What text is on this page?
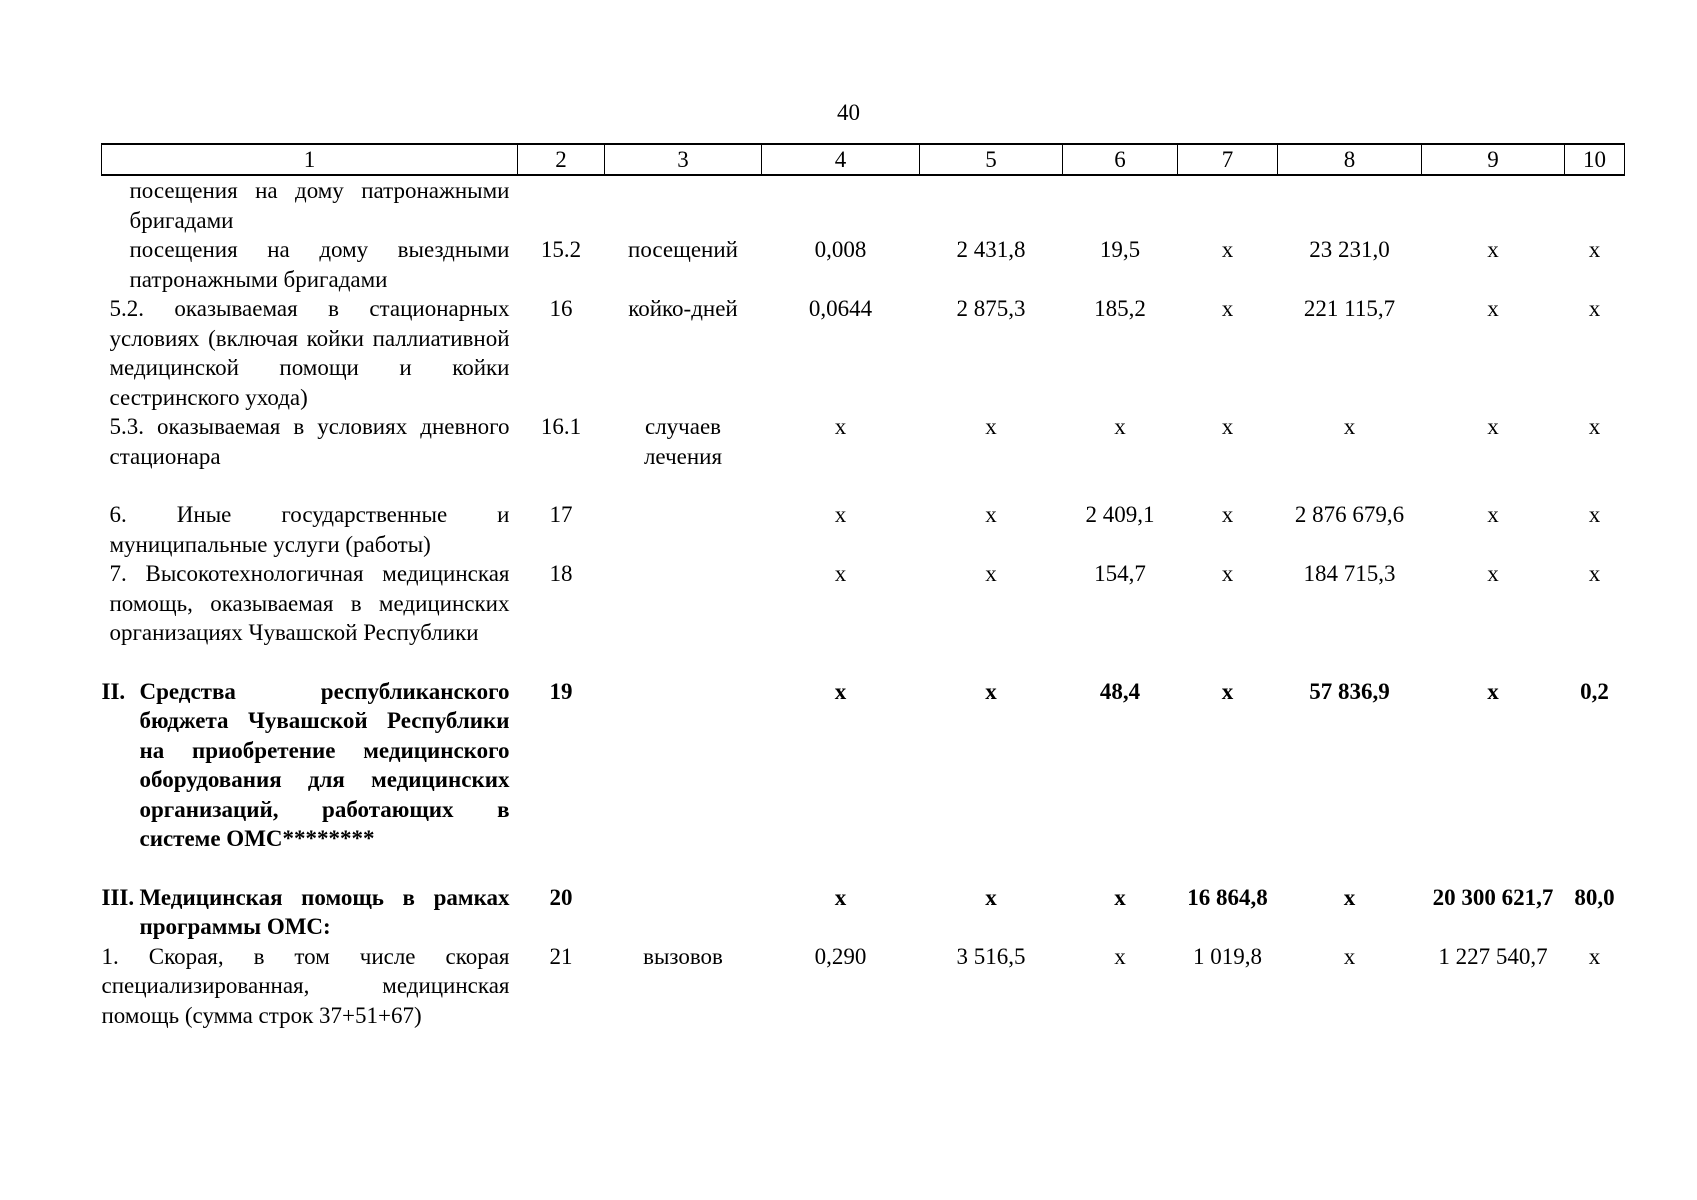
40
1	2	3	4	5	6	7	8	9	10
посещения на дому патронажными бригадами									
посещения на дому выездными патронажными бригадами	15.2	посещений	0,008	2 431,8	19,5	х	23 231,0	х	х
5.2. оказываемая в стационарных условиях (включая койки паллиативной медицинской помощи и койки сестринского ухода)	16	койко-дней	0,0644	2 875,3	185,2	х	221 115,7	х	х
5.3. оказываемая в условиях дневного стационара	16.1	случаев лечения	х	х	х	х	х	х	х

6. Иные государственные и муниципальные услуги (работы)	17		х	х	2 409,1	х	2 876 679,6	х	х
7. Высокотехнологичная медицинская помощь, оказываемая в медицинских организациях Чувашской Республики	18		х	х	154,7	х	184 715,3	х	х

II. Средства республиканского бюджета Чувашской Республики на приобретение медицинского оборудования для медицинских организаций, работающих в системе ОМС********	19		х	х	48,4	х	57 836,9	х	0,2

III. Медицинская помощь в рамках программы ОМС:	20		х	х	х	16 864,8	х	20 300 621,7	80,0
1. Скорая, в том числе скорая специализированная, медицинская помощь (сумма строк 37+51+67)	21	вызовов	0,290	3 516,5	х	1 019,8	х	1 227 540,7	х
